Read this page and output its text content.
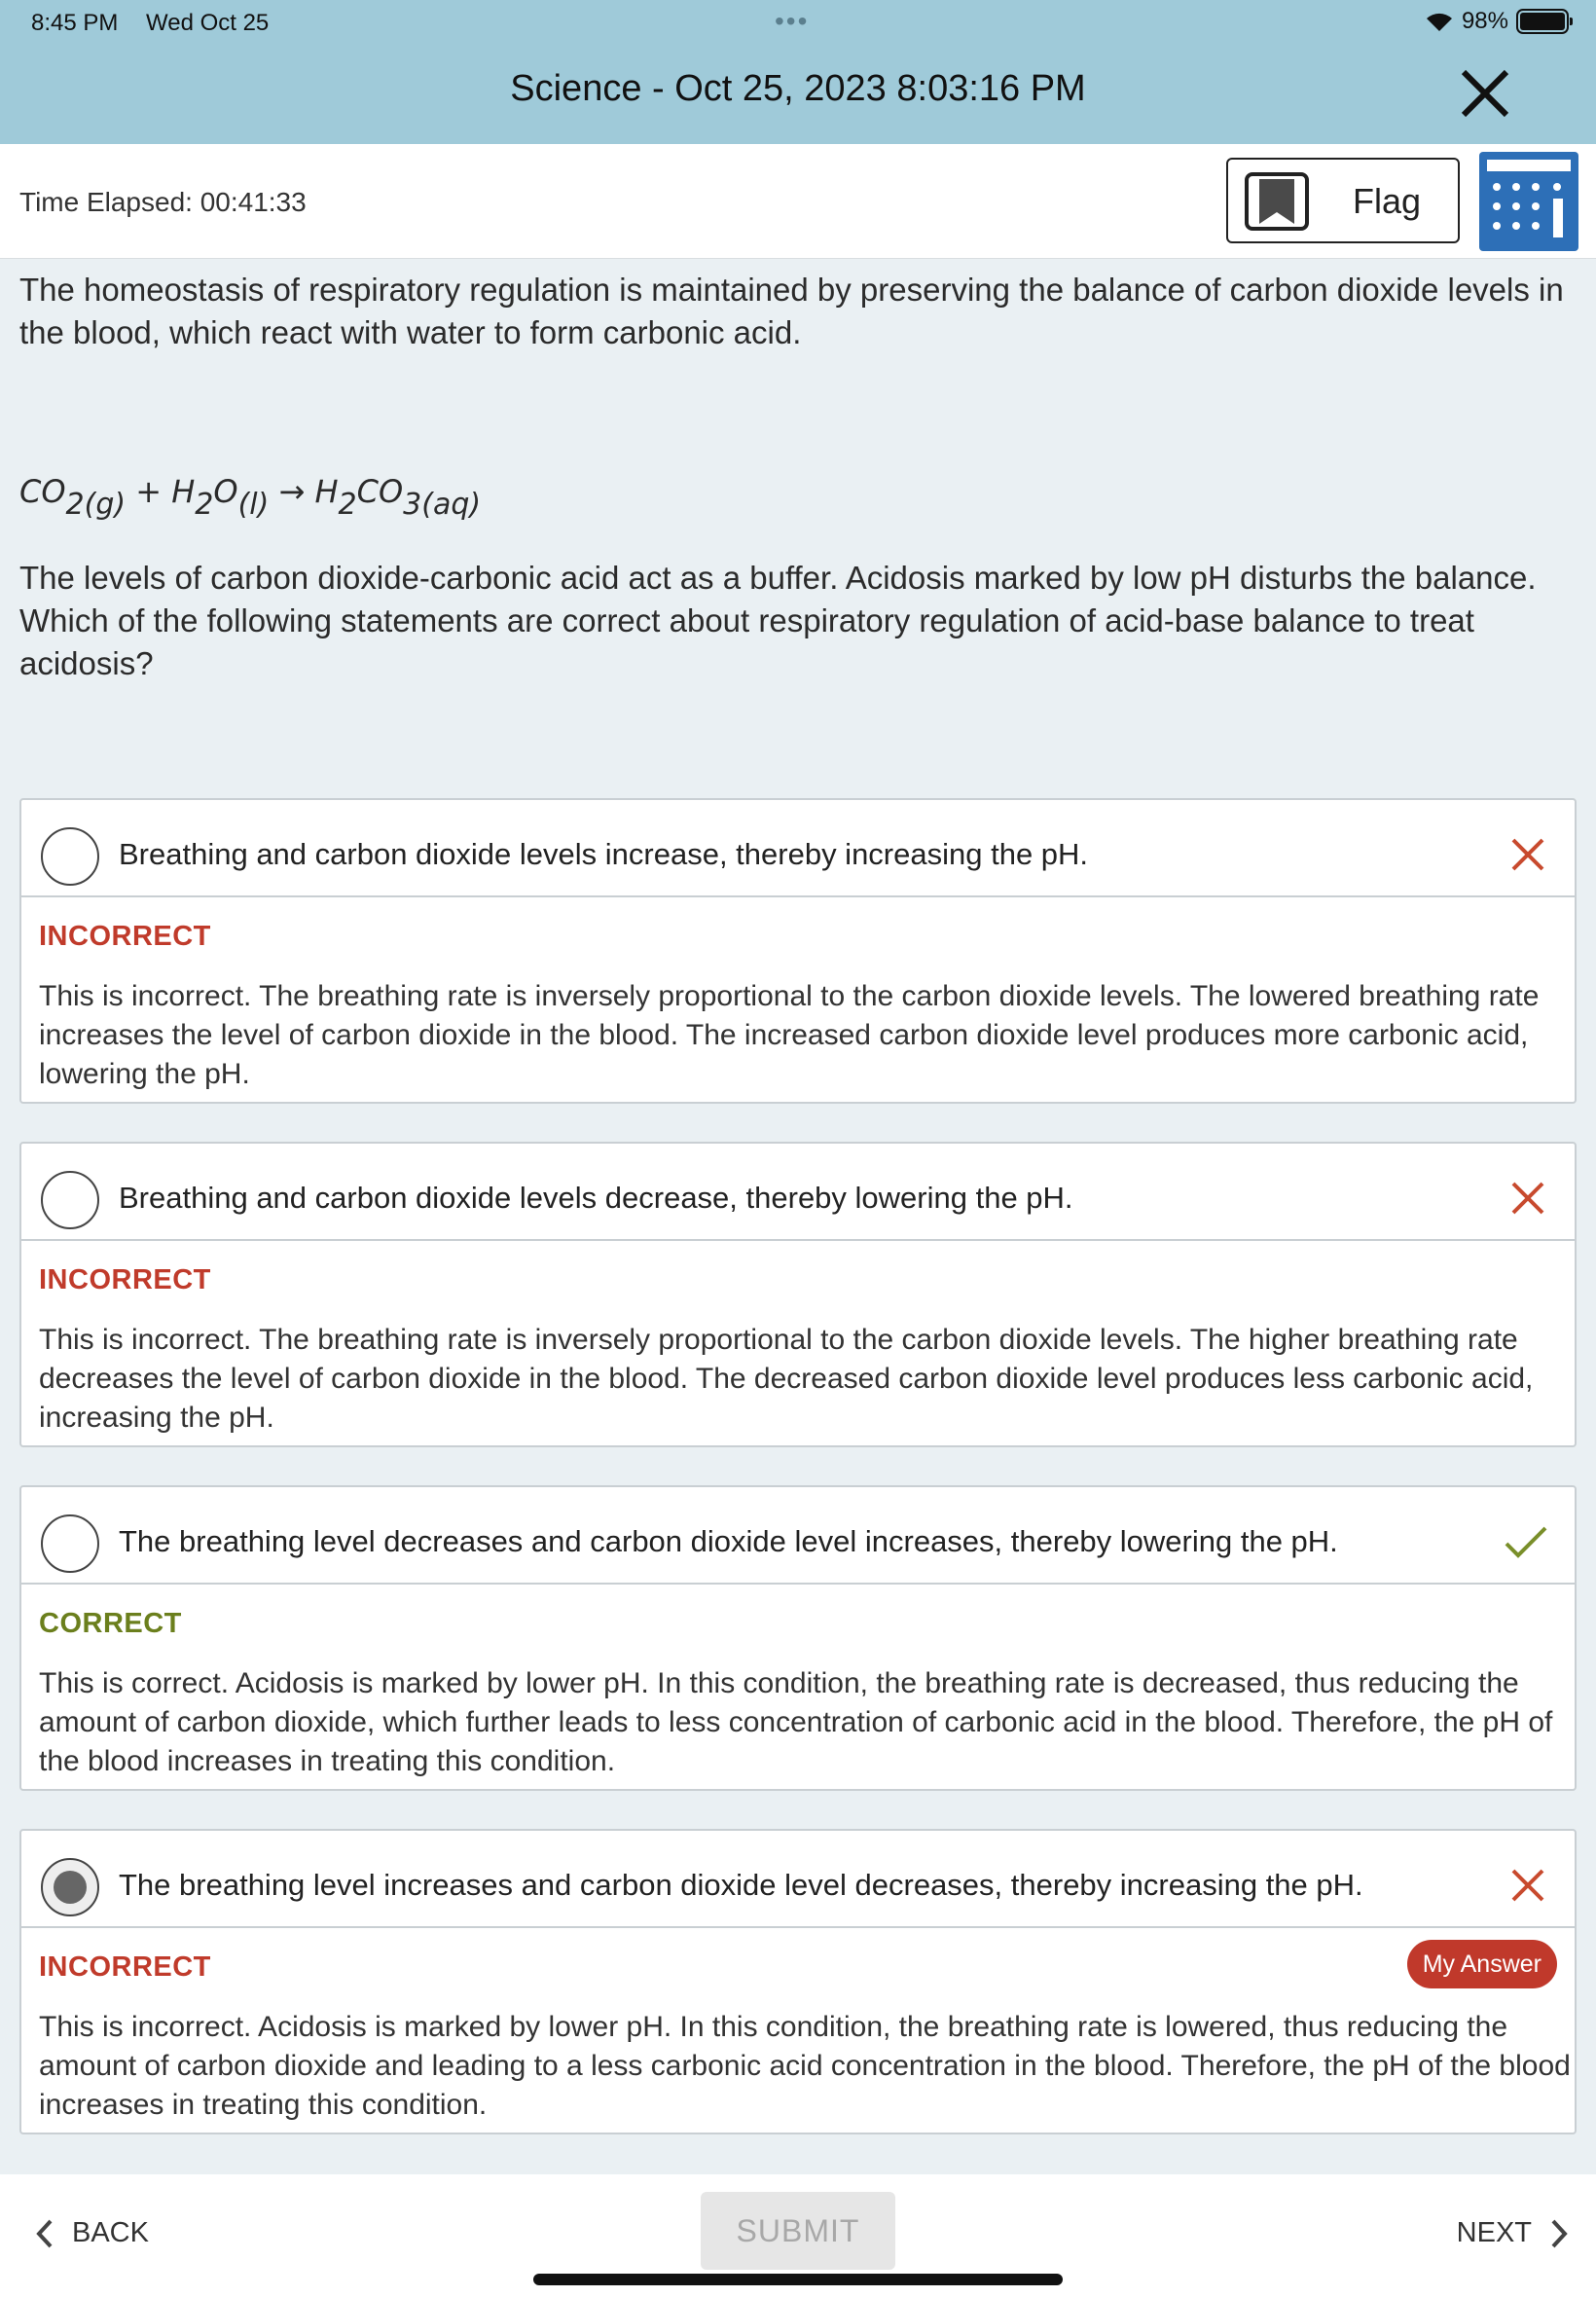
8:45 PM Wed Oct 25	•••	98%
Science - Oct 25, 2023 8:03:16 PM
Time Elapsed: 00:41:33	Flag
The homeostasis of respiratory regulation is maintained by preserving the balance of carbon dioxide levels in the blood, which react with water to form carbonic acid.
$CO_{2(g)} + H_2O_{(l)} \to H_2CO_{3(aq)}$
The levels of carbon dioxide-carbonic acid act as a buffer. Acidosis marked by low pH disturbs the balance. Which of the following statements are correct about respiratory regulation of acid-base balance to treat acidosis?
Breathing and carbon dioxide levels increase, thereby increasing the pH.
INCORRECT
This is incorrect. The breathing rate is inversely proportional to the carbon dioxide levels. The lowered breathing rate increases the level of carbon dioxide in the blood. The increased carbon dioxide level produces more carbonic acid, lowering the pH.
Breathing and carbon dioxide levels decrease, thereby lowering the pH.
INCORRECT
This is incorrect. The breathing rate is inversely proportional to the carbon dioxide levels. The higher breathing rate decreases the level of carbon dioxide in the blood. The decreased carbon dioxide level produces less carbonic acid, increasing the pH.
The breathing level decreases and carbon dioxide level increases, thereby lowering the pH.
CORRECT
This is correct. Acidosis is marked by lower pH. In this condition, the breathing rate is decreased, thus reducing the amount of carbon dioxide, which further leads to less concentration of carbonic acid in the blood. Therefore, the pH of the blood increases in treating this condition.
The breathing level increases and carbon dioxide level decreases, thereby increasing the pH.
INCORRECT	My Answer
This is incorrect. Acidosis is marked by lower pH. In this condition, the breathing rate is lowered, thus reducing the amount of carbon dioxide and leading to a less carbonic acid concentration in the blood. Therefore, the pH of the blood increases in treating this condition.
BACK	SUBMIT	NEXT
